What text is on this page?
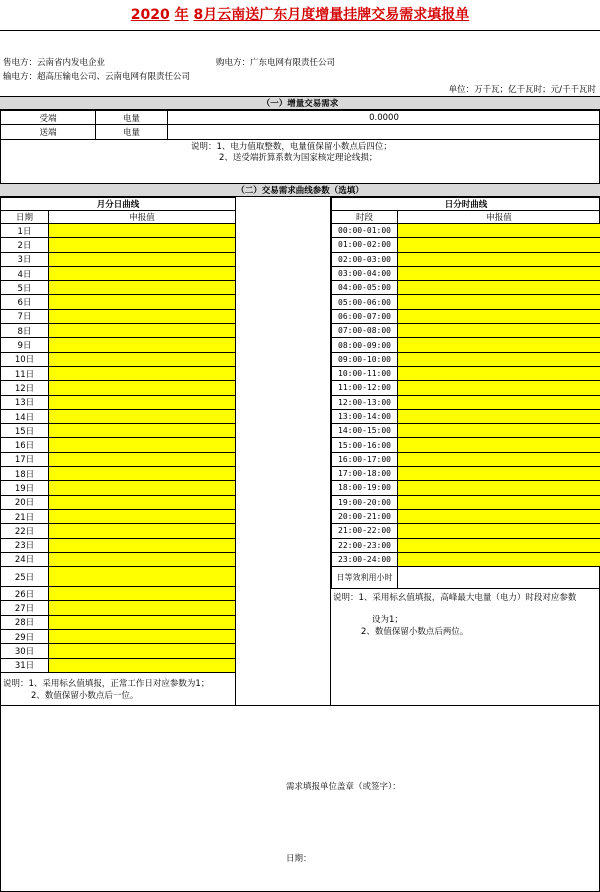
2020 年 8月云南送广东月度增量挂牌交易需求填报单
售电方：云南省内发电企业	购电方：广东电网有限责任公司
输电方：超高压输电公司、云南电网有限责任公司
单位：万千瓦；亿千瓦时；元/千千瓦时
（一）增量交易需求
受端	电量	0.0000
送端	电量	
说明：1、电力值取整数，电量值保留小数点后四位；
2、送受端折算系数为国家核定理论线损；
（二）交易需求曲线参数（选填）
月分日曲线	
日期	申报值
1日	
2日	
3日	
4日	
5日	
6日	
7日	
8日	
9日	
10日	
11日	
12日	
13日	
14日	
15日	
16日	
17日	
18日	
19日	
20日	
21日	
22日	
23日	
24日	
25日	
26日	
27日	
28日	
29日	
30日	
31日	
日分时曲线	
时段	申报值
00:00-01:00	
01:00-02:00	
02:00-03:00	
03:00-04:00	
04:00-05:00	
05:00-06:00	
06:00-07:00	
07:00-08:00	
08:00-09:00	
09:00-10:00	
10:00-11:00	
11:00-12:00	
12:00-13:00	
13:00-14:00	
14:00-15:00	
15:00-16:00	
16:00-17:00	
17:00-18:00	
18:00-19:00	
19:00-20:00	
20:00-21:00	
21:00-22:00	
22:00-23:00	
23:00-24:00	
日等效利用小时	
说明：1、采用标幺值填报，正常工作日对应参数为1；
2、数值保留小数点后一位。
说明：1、采用标幺值填报，高峰最大电量（电力）时段对应参数
设为1；
2、数值保留小数点后两位。
需求填报单位盖章（或签字）：
日期：
